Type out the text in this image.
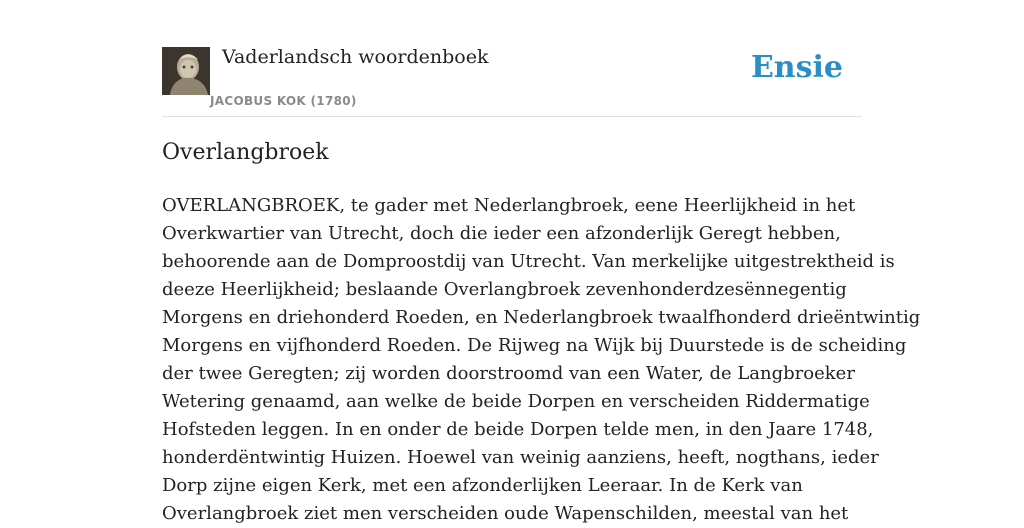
Vaderlandsch woordenboek
JACOBUS KOK (1780)
Ensie
Overlangbroek
OVERLANGBROEK, te gader met Nederlangbroek, eene Heerlijkheid in het
Overkwartier van Utrecht, doch die ieder een afzonderlijk Geregt hebben,
behoorende aan de Domproostdij van Utrecht. Van merkelijke uitgestrektheid is
deeze Heerlijkheid; beslaande Overlangbroek zevenhonderdzesënnegentig
Morgens en driehonderd Roeden, en Nederlangbroek twaalfhonderd drieëntwintig
Morgens en vijfhonderd Roeden. De Rijweg na Wijk bij Duurstede is de scheiding
der twee Geregten; zij worden doorstroomd van een Water, de Langbroeker
Wetering genaamd, aan welke de beide Dorpen en verscheiden Riddermatige
Hofsteden leggen. In en onder de beide Dorpen telde men, in den Jaare 1748,
honderdëntwintig Huizen. Hoewel van weinig aanziens, heeft, nogthans, ieder
Dorp zijne eigen Kerk, met een afzonderlijken Leeraar. In de Kerk van
Overlangbroek ziet men verscheiden oude Wapenschilden, meestal van het
